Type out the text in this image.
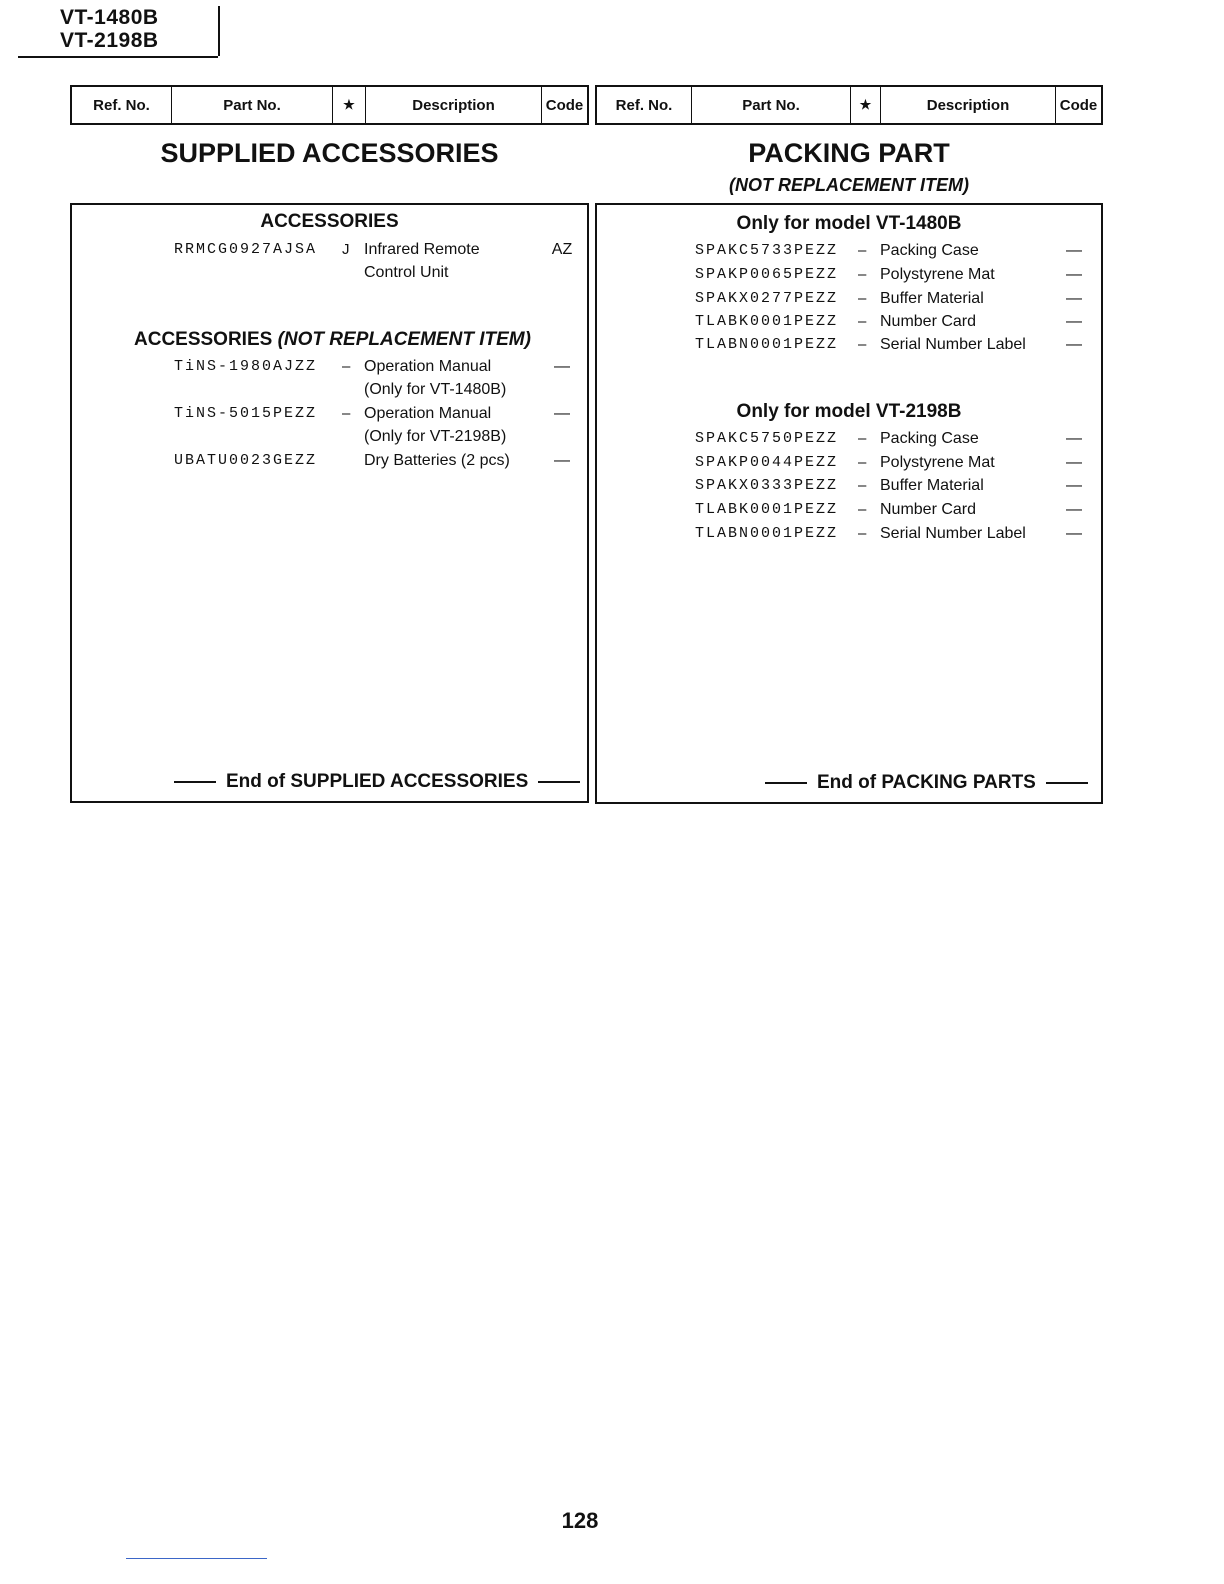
VT-1480B
VT-2198B
Ref. No.	Part No.	★	Description	Code	Ref. No.	Part No.	★	Description	Code
SUPPLIED ACCESSORIES	PACKING PART
(NOT REPLACEMENT ITEM)
ACCESSORIES
RRMCG0927AJSA J Infrared Remote	AZ
Control Unit
ACCESSORIES (NOT REPLACEMENT ITEM)
TiNS-1980AJZZ – Operation Manual	—
(Only for VT-1480B)
TiNS-5015PEZZ – Operation Manual	—
(Only for VT-2198B)
UBATU0023GEZZ	Dry Batteries (2 pcs)	—
End of SUPPLIED ACCESSORIES
Only for model VT-1480B
SPAKC5733PEZZ – Packing Case	—
SPAKP0065PEZZ – Polystyrene Mat	—
SPAKX0277PEZZ – Buffer Material	—
TLABK0001PEZZ – Number Card	—
TLABN0001PEZZ – Serial Number Label	—
Only for model VT-2198B
SPAKC5750PEZZ – Packing Case	—
SPAKP0044PEZZ – Polystyrene Mat	—
SPAKX0333PEZZ – Buffer Material	—
TLABK0001PEZZ – Number Card	—
TLABN0001PEZZ – Serial Number Label	—
End of PACKING PARTS
128
